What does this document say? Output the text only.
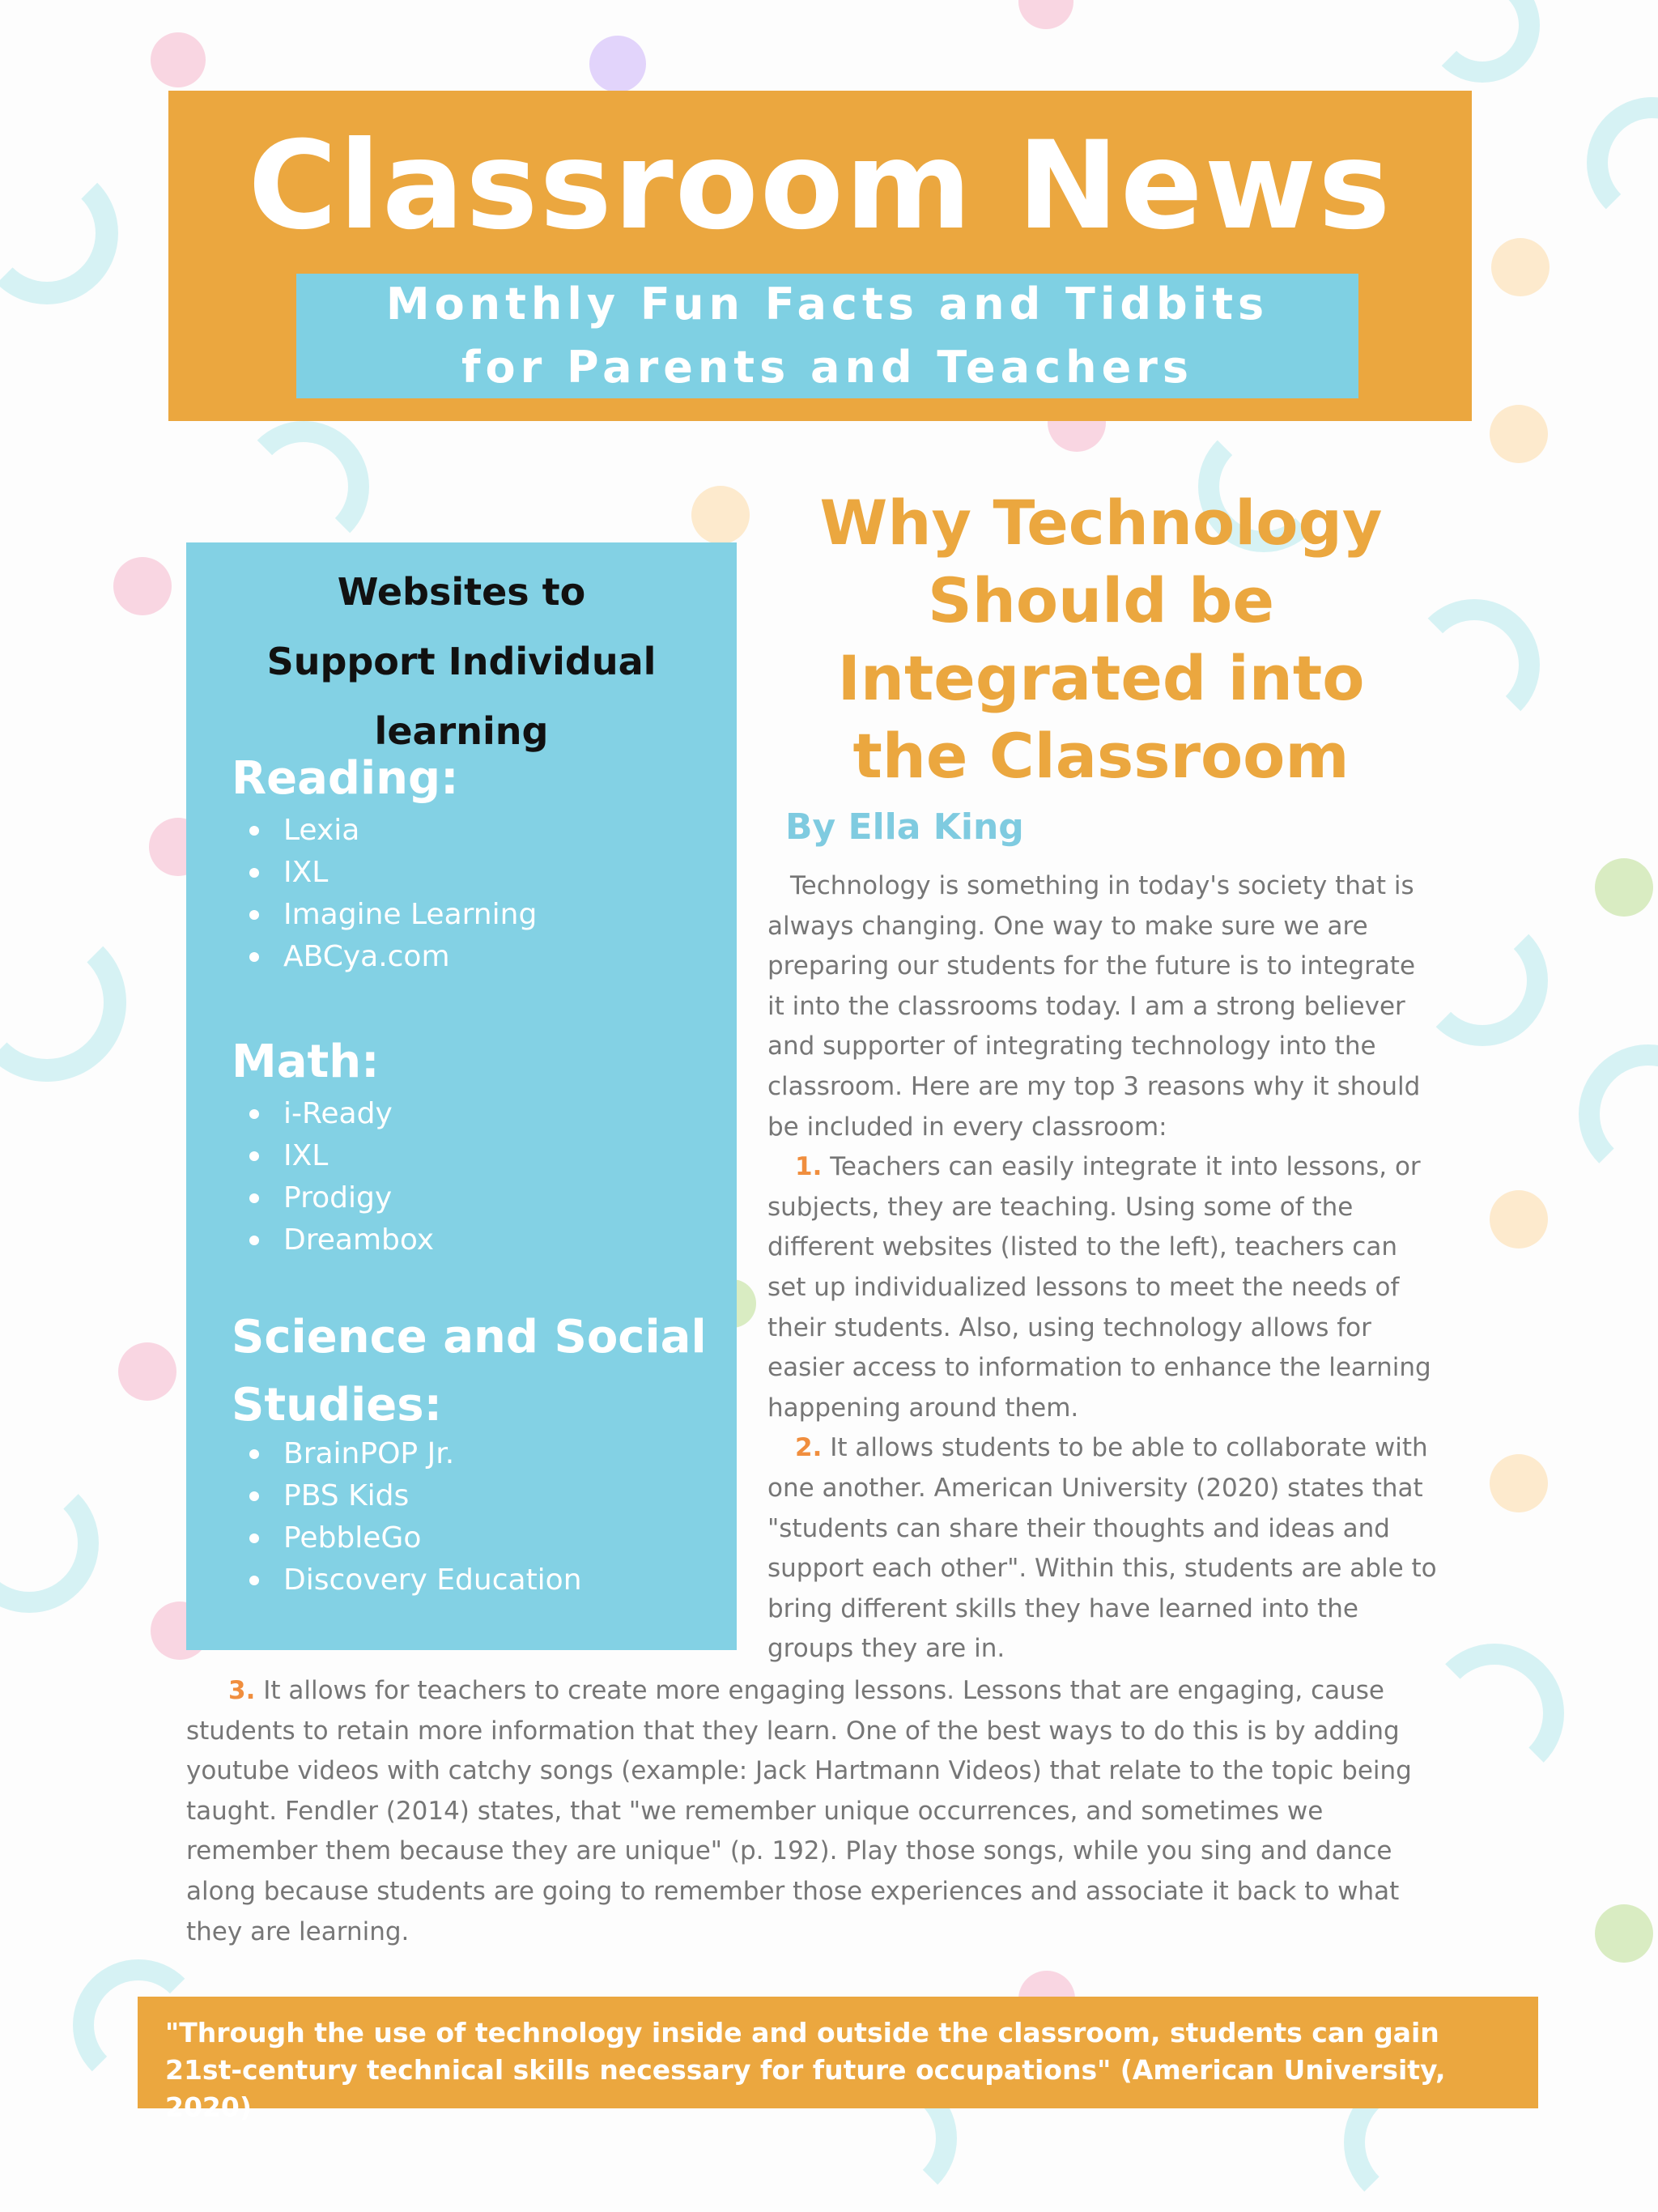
Classroom News
Monthly Fun Facts and Tidbits for Parents and Teachers
Websites to Support Individual learning
Reading:
Lexia
IXL
Imagine Learning
ABCya.com
Math:
i-Ready
IXL
Prodigy
Dreambox
Science and Social Studies:
BrainPOP Jr.
PBS Kids
PebbleGo
Discovery Education
Why Technology Should be Integrated into the Classroom
By Ella King

Technology is something in today's society that is always changing. One way to make sure we are preparing our students for the future is to integrate it into the classrooms today. I am a strong believer and supporter of integrating technology into the classroom. Here are my top 3 reasons why it should be included in every classroom:

1. Teachers can easily integrate it into lessons, or subjects, they are teaching. Using some of the different websites (listed to the left), teachers can set up individualized lessons to meet the needs of their students. Also, using technology allows for easier access to information to enhance the learning happening around them.

2. It allows students to be able to collaborate with one another. American University (2020) states that "students can share their thoughts and ideas and support each other". Within this, students are able to bring different skills they have learned into the groups they are in.

3. It allows for teachers to create more engaging lessons. Lessons that are engaging, cause students to retain more information that they learn. One of the best ways to do this is by adding youtube videos with catchy songs (example: Jack Hartmann Videos) that relate to the topic being taught. Fendler (2014) states, that "we remember unique occurrences, and sometimes we remember them because they are unique" (p. 192). Play those songs, while you sing and dance along because students are going to remember those experiences and associate it back to what they are learning.

"Through the use of technology inside and outside the classroom, students can gain 21st-century technical skills necessary for future occupations" (American University, 2020)
